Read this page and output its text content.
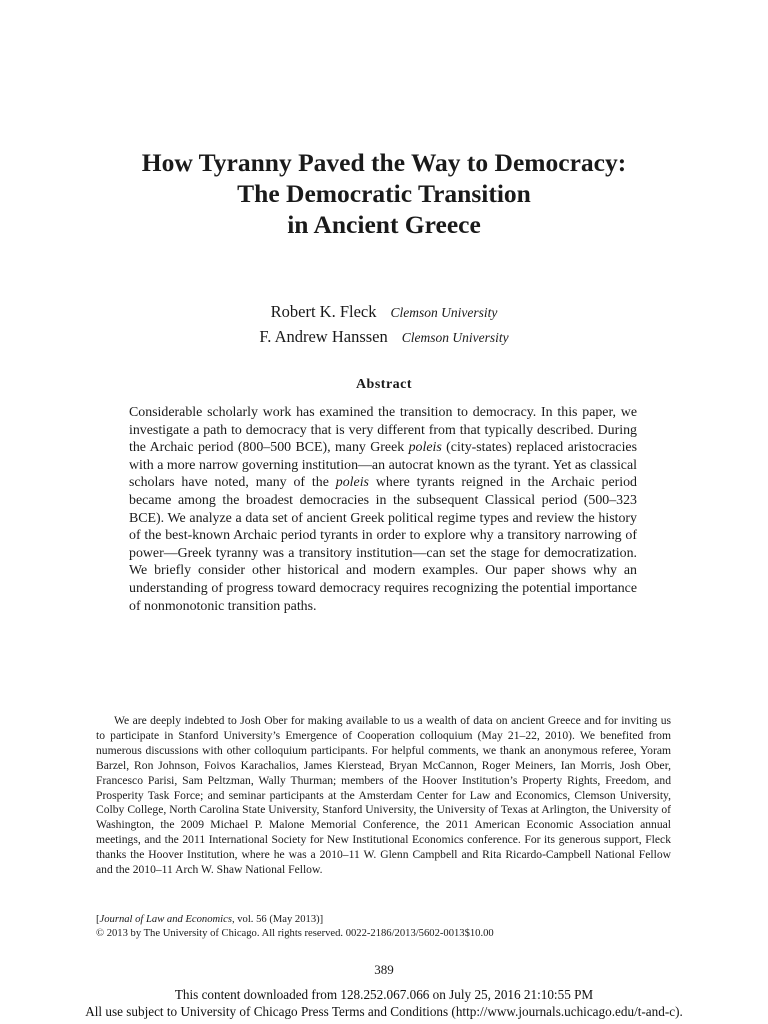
How Tyranny Paved the Way to Democracy:
The Democratic Transition
in Ancient Greece
Robert K. Fleck Clemson University
F. Andrew Hanssen Clemson University
Abstract

Considerable scholarly work has examined the transition to democracy. In this paper, we investigate a path to democracy that is very different from that typically described. During the Archaic period (800–500 BCE), many Greek poleis (city-states) replaced aristocracies with a more narrow governing institution—an autocrat known as the tyrant. Yet as classical scholars have noted, many of the poleis where tyrants reigned in the Archaic period became among the broadest democracies in the subsequent Classical period (500–323 BCE). We analyze a data set of ancient Greek political regime types and review the history of the best-known Archaic period tyrants in order to explore why a transitory narrowing of power—Greek tyranny was a transitory institution—can set the stage for democratization. We briefly consider other historical and modern examples. Our paper shows why an understanding of progress toward democracy requires recognizing the potential importance of nonmonotonic transition paths.

We are deeply indebted to Josh Ober for making available to us a wealth of data on ancient Greece and for inviting us to participate in Stanford University’s Emergence of Cooperation colloquium (May 21–22, 2010). We benefited from numerous discussions with other colloquium participants. For helpful comments, we thank an anonymous referee, Yoram Barzel, Ron Johnson, Foivos Karachalios, James Kierstead, Bryan McCannon, Roger Meiners, Ian Morris, Josh Ober, Francesco Parisi, Sam Peltzman, Wally Thurman; members of the Hoover Institution’s Property Rights, Freedom, and Prosperity Task Force; and seminar participants at the Amsterdam Center for Law and Economics, Clemson University, Colby College, North Carolina State University, Stanford University, the University of Texas at Arlington, the University of Washington, the 2009 Michael P. Malone Memorial Conference, the 2011 American Economic Association annual meetings, and the 2011 International Society for New Institutional Economics conference. For its generous support, Fleck thanks the Hoover Institution, where he was a 2010–11 W. Glenn Campbell and Rita Ricardo-Campbell National Fellow and the 2010–11 Arch W. Shaw National Fellow.

[Journal of Law and Economics, vol. 56 (May 2013)]
© 2013 by The University of Chicago. All rights reserved. 0022-2186/2013/5602-0013$10.00
389
This content downloaded from 128.252.067.066 on July 25, 2016 21:10:55 PM
All use subject to University of Chicago Press Terms and Conditions (http://www.journals.uchicago.edu/t-and-c).
